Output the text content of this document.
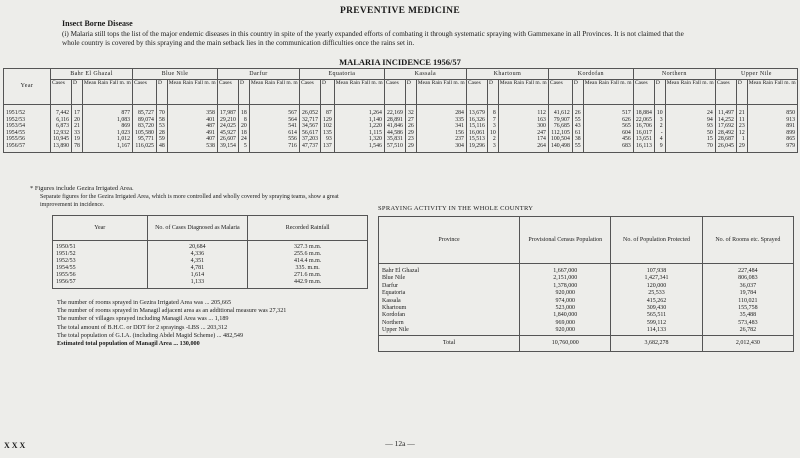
PREVENTIVE MEDICINE
Insect Borne Disease
(i) Malaria still tops the list of the major endemic diseases in this country in spite of the yearly expanded efforts of combating it through systematic spraying with Gammexane in all Provinces. It is not claimed that the whole country is covered by this spraying and the main setback lies in the communication difficulties once the rains set in.
MALARIA INCIDENCE 1956/57
Year	Bahr El Ghazal			Blue Nile			Darfur			Equatoria			Kassala			Khartoum			Kordofan			Northern			Upper Nile		
	Cases	D	Mean Rain Fall m. m	Cases	D	Mean Rain Fall m. m	Cases	D	Mean Rain Fall m. m	Cases	D	Mean Rain Fall m. m	Cases	D	Mean Rain Fall m. m	Cases	D	Mean Rain Fall m. m	Cases	D	Mean Rain Fall m. m	Cases	D	Mean Rain Fall m. m	Cases	D	Mean Rain Fall m. m
1951/52	7,442	17	877	85,727	70	358	17,987	18	567	26,052	87	1,264	22,169	32	284	13,679	8	112	41,612	26	517	18,884	10	24	11,497	21	850
1952/53	6,116	20	1,083	89,074	58	401	29,210	8	564	32,717	129	1,140	28,891	27	335	16,326	7	163	79,907	55	626	22,065	3	94	14,252	11	913
1953/54	6,873	21	869	83,720	53	487	24,025	20	541	34,567	102	1,220	41,846	26	341	15,116	3	300	76,685	43	565	16,706	2	93	17,692	23	891
1954/55	12,932	33	1,023	105,580	28	491	45,927	18	614	56,617	135	1,115	44,586	29	156	16,061	10	247	112,105	61	604	16,017	-	50	28,492	12	899
1955/56	10,945	19	1,012	95,771	59	407	26,607	24	556	37,203	93	1,320	35,831	23	237	15,513	2	174	100,504	38	456	13,651	4	15	28,687	1	865
1956/57	13,890	78	1,167	116,025	48	538	39,154	5	716	47,737	137	1,546	57,510	29	304	19,296	3	264	140,498	55	683	16,113	9	70	26,045	29	979
* Figures include Gezira Irrigated Area.
Separate figures for the Gezira Irrigated Area, which is more controlled and wholly covered by spraying teams, show a great improvement in incidence.
Year	No. of Cases Diagnosed as Malaria	Recorded Rainfall
1950/51	20,684	327.3 m.m.
1951/52	4,336	255.6 m.m.
1952/53	4,351	414.4 m.m.
1954/55	4,781	335. m.m.
1955/56	1,614	271.6 m.m.
1956/57	1,133	442.9 m.m.
The number of rooms sprayed in Gezira Irrigated Area was ... 205,665
The number of rooms sprayed in Managil adjacent area as an additional measure was 27,321
The number of villages sprayed including Managil Area was ... 1,189
The total amount of B.H.C. or DDT for 2 sprayings -LBS ... 203,312
The total population of G.I.A. (including Abdel Magid Scheme) ... 482,549
Estimated total population of Managil Area ... 130,000
SPRAYING ACTIVITY IN THE WHOLE COUNTRY
Province	Provisional Census Population	No. of Population Protected	No. of Rooms etc. Sprayed
Bahr El Ghazal	1,667,000	107,938	227,484
Blue Nile	2,151,000	1,427,341	806,083
Darfur	1,378,000	120,000	36,037
Equatoria	920,000	25,533	19,784
Kassala	974,000	415,262	110,021
Khartoum	523,000	309,430	155,758
Kordofan	1,840,000	565,511	35,488
Northern	969,000	599,112	573,483
Upper Nile	920,000	114,133	26,782
Total	10,760,000	3,682,278	2,012,430
— 12a —
X X X
